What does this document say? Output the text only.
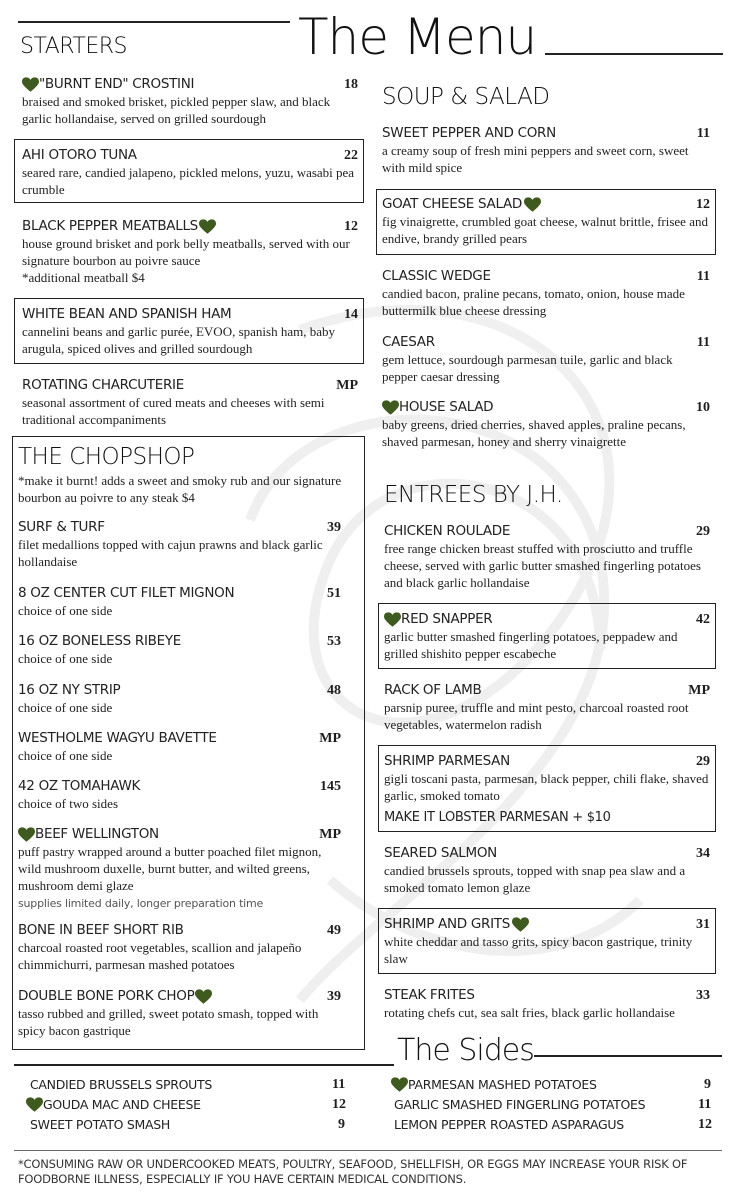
The Menu
STARTERS
"BURNT END" CROSTINI	18
braised and smoked brisket, pickled pepper slaw, and black garlic hollandaise, served on grilled sourdough
AHI OTORO TUNA	22
seared rare, candied jalapeno, pickled melons, yuzu, wasabi pea crumble
BLACK PEPPER MEATBALLS	12
house ground brisket and pork belly meatballs, served with our signature bourbon au poivre sauce
*additional meatball $4
WHITE BEAN AND SPANISH HAM	14
cannelini beans and garlic purée, EVOO, spanish ham, baby arugula, spiced olives and grilled sourdough
ROTATING CHARCUTERIE	MP
seasonal assortment of cured meats and cheeses with semi traditional accompaniments
THE CHOPSHOP
*make it burnt! adds a sweet and smoky rub and our signature bourbon au poivre to any steak $4
SURF & TURF	39
filet medallions topped with cajun prawns and black garlic hollandaise
8 OZ CENTER CUT FILET MIGNON	51
choice of one side
16 OZ BONELESS RIBEYE	53
choice of one side
16 OZ NY STRIP	48
choice of one side
WESTHOLME WAGYU BAVETTE	MP
choice of one side
42 OZ TOMAHAWK	145
choice of two sides
BEEF WELLINGTON	MP
puff pastry wrapped around a butter poached filet mignon, wild mushroom duxelle, burnt butter, and wilted greens, mushroom demi glaze
supplies limited daily, longer preparation time
BONE IN BEEF SHORT RIB	49
charcoal roasted root vegetables, scallion and jalapeño chimmichurri, parmesan mashed potatoes
DOUBLE BONE PORK CHOP	39
tasso rubbed and grilled, sweet potato smash, topped with spicy bacon gastrique
SOUP & SALAD
SWEET PEPPER AND CORN	11
a creamy soup of fresh mini peppers and sweet corn, sweet with mild spice
GOAT CHEESE SALAD	12
fig vinaigrette, crumbled goat cheese, walnut brittle, frisee and endive, brandy grilled pears
CLASSIC WEDGE	11
candied bacon, praline pecans, tomato, onion, house made buttermilk blue cheese dressing
CAESAR	11
gem lettuce, sourdough parmesan tuile, garlic and black pepper caesar dressing
HOUSE SALAD	10
baby greens, dried cherries, shaved apples, praline pecans, shaved parmesan, honey and sherry vinaigrette
ENTREES BY J.H.
CHICKEN ROULADE	29
free range chicken breast stuffed with prosciutto and truffle cheese, served with garlic butter smashed fingerling potatoes and black garlic hollandaise
RED SNAPPER	42
garlic butter smashed fingerling potatoes, peppadew and grilled shishito pepper escabeche
RACK OF LAMB	MP
parsnip puree, truffle and mint pesto, charcoal roasted root vegetables, watermelon radish
SHRIMP PARMESAN	29
gigli toscani pasta, parmesan, black pepper, chili flake, shaved garlic, smoked tomato
MAKE IT LOBSTER PARMESAN + $10
SEARED SALMON	34
candied brussels sprouts, topped with snap pea slaw and a smoked tomato lemon glaze
SHRIMP AND GRITS	31
white cheddar and tasso grits, spicy bacon gastrique, trinity slaw
STEAK FRITES	33
rotating chefs cut, sea salt fries, black garlic hollandaise
The Sides
CANDIED BRUSSELS SPROUTS	11
GOUDA MAC AND CHEESE	12
SWEET POTATO SMASH	9
PARMESAN MASHED POTATOES	9
GARLIC SMASHED FINGERLING POTATOES	11
LEMON PEPPER ROASTED ASPARAGUS	12
*CONSUMING RAW OR UNDERCOOKED MEATS, POULTRY, SEAFOOD, SHELLFISH, OR EGGS MAY INCREASE YOUR RISK OF FOODBORNE ILLNESS, ESPECIALLY IF YOU HAVE CERTAIN MEDICAL CONDITIONS.
